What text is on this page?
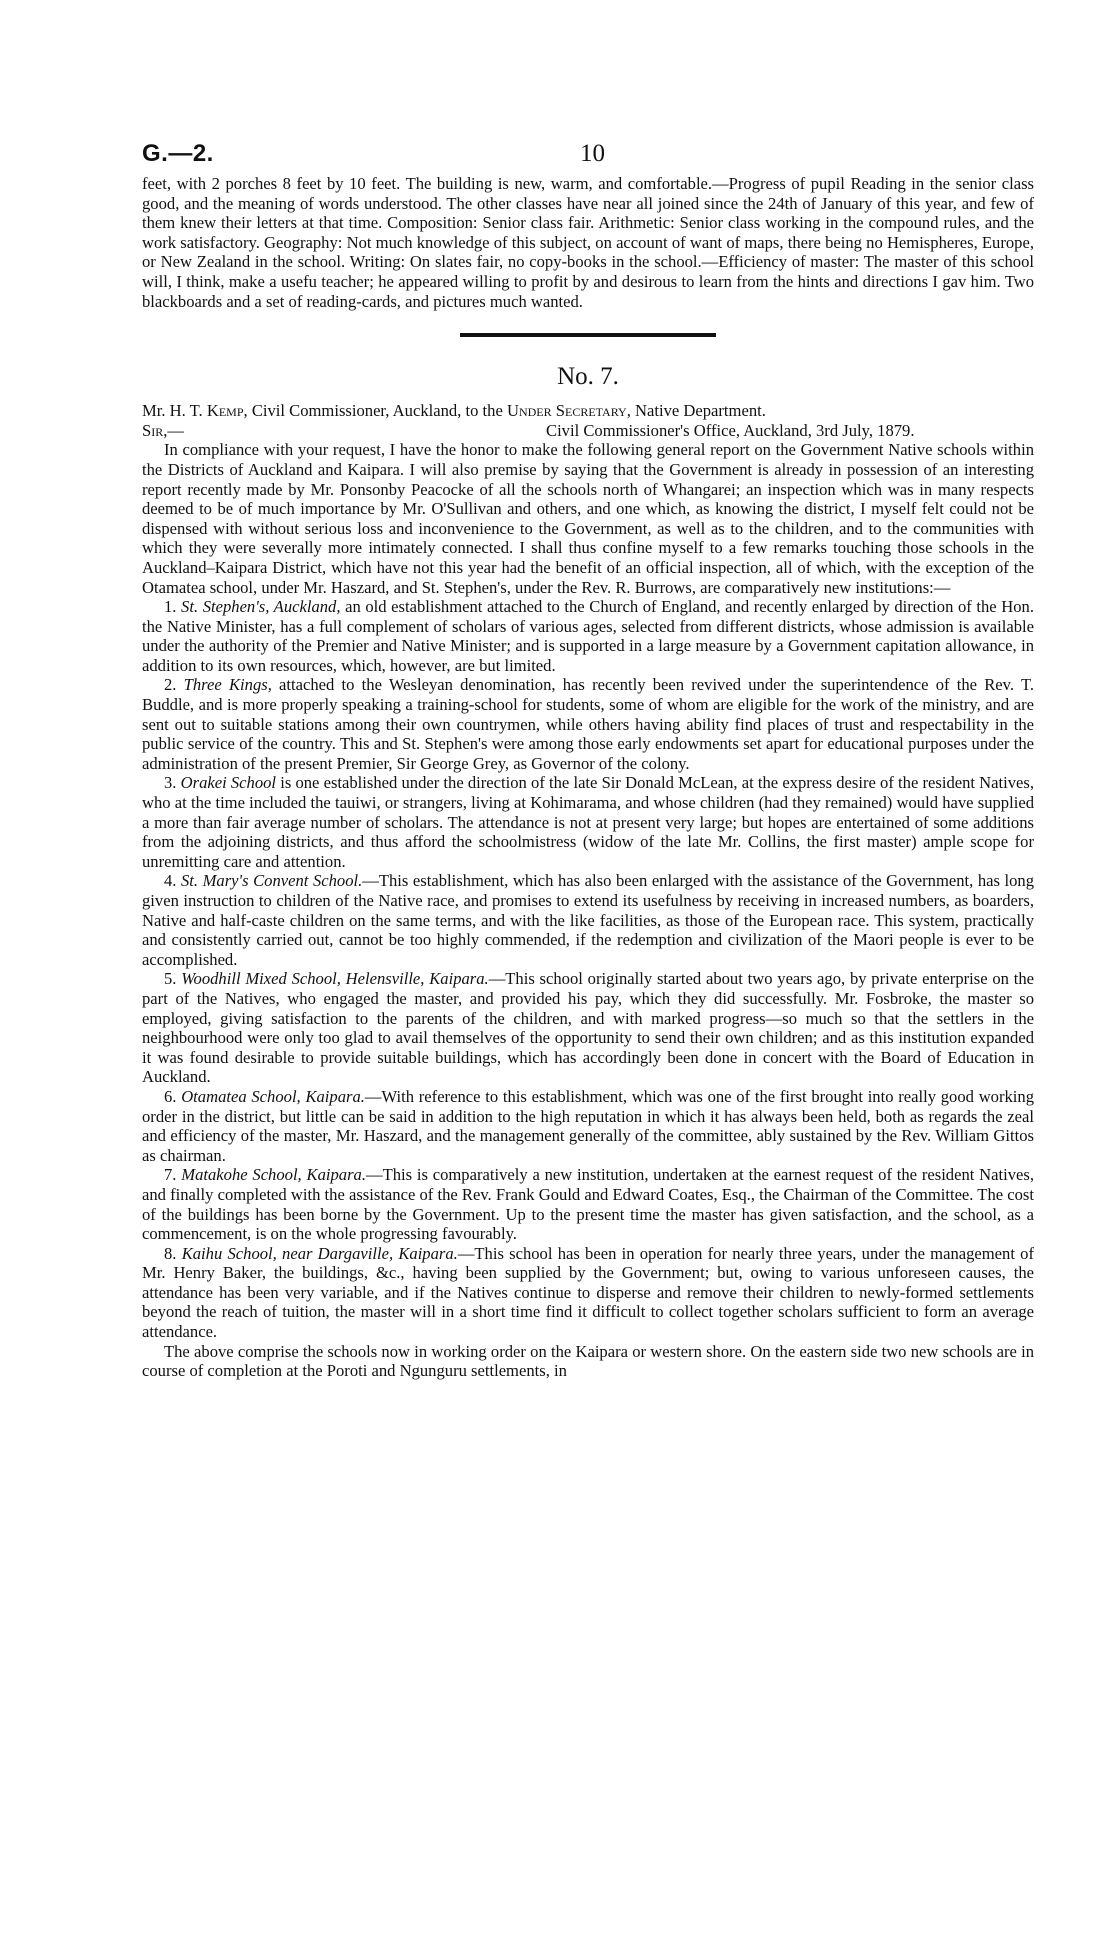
G.—2.	10

feet, with 2 porches 8 feet by 10 feet. The building is new, warm, and comfortable.—Progress of pupil Reading in the senior class good, and the meaning of words understood. The other classes have near all joined since the 24th of January of this year, and few of them knew their letters at that time. Composition: Senior class fair. Arithmetic: Senior class working in the compound rules, and the work satisfactory. Geography: Not much knowledge of this subject, on account of want of maps, there being no Hemispheres, Europe, or New Zealand in the school. Writing: On slates fair, no copy-books in the school.—Efficiency of master: The master of this school will, I think, make a usefu teacher; he appeared willing to profit by and desirous to learn from the hints and directions I gav him. Two blackboards and a set of reading-cards, and pictures much wanted.

No. 7.

Mr. H. T. Kemp, Civil Commissioner, Auckland, to the Under Secretary, Native Department.

Sir,—	Civil Commissioner's Office, Auckland, 3rd July, 1879.

In compliance with your request, I have the honor to make the following general report on the Government Native schools within the Districts of Auckland and Kaipara. I will also premise by saying that the Government is already in possession of an interesting report recently made by Mr. Ponsonby Peacocke of all the schools north of Whangarei; an inspection which was in many respects deemed to be of much importance by Mr. O'Sullivan and others, and one which, as knowing the district, I myself felt could not be dispensed with without serious loss and inconvenience to the Government, as well as to the children, and to the communities with which they were severally more intimately connected. I shall thus confine myself to a few remarks touching those schools in the Auckland–Kaipara District, which have not this year had the benefit of an official inspection, all of which, with the exception of the Otamatea school, under Mr. Haszard, and St. Stephen's, under the Rev. R. Burrows, are comparatively new institutions:—

1. St. Stephen's, Auckland, an old establishment attached to the Church of England, and recently enlarged by direction of the Hon. the Native Minister, has a full complement of scholars of various ages, selected from different districts, whose admission is available under the authority of the Premier and Native Minister; and is supported in a large measure by a Government capitation allowance, in addition to its own resources, which, however, are but limited.

2. Three Kings, attached to the Wesleyan denomination, has recently been revived under the superintendence of the Rev. T. Buddle, and is more properly speaking a training-school for students, some of whom are eligible for the work of the ministry, and are sent out to suitable stations among their own countrymen, while others having ability find places of trust and respectability in the public service of the country. This and St. Stephen's were among those early endowments set apart for educational purposes under the administration of the present Premier, Sir George Grey, as Governor of the colony.

3. Orakei School is one established under the direction of the late Sir Donald McLean, at the express desire of the resident Natives, who at the time included the tauiwi, or strangers, living at Kohimarama, and whose children (had they remained) would have supplied a more than fair average number of scholars. The attendance is not at present very large; but hopes are entertained of some additions from the adjoining districts, and thus afford the schoolmistress (widow of the late Mr. Collins, the first master) ample scope for unremitting care and attention.

4. St. Mary's Convent School.—This establishment, which has also been enlarged with the assistance of the Government, has long given instruction to children of the Native race, and promises to extend its usefulness by receiving in increased numbers, as boarders, Native and half-caste children on the same terms, and with the like facilities, as those of the European race. This system, practically and consistently carried out, cannot be too highly commended, if the redemption and civilization of the Maori people is ever to be accomplished.

5. Woodhill Mixed School, Helensville, Kaipara.—This school originally started about two years ago, by private enterprise on the part of the Natives, who engaged the master, and provided his pay, which they did successfully. Mr. Fosbroke, the master so employed, giving satisfaction to the parents of the children, and with marked progress—so much so that the settlers in the neighbourhood were only too glad to avail themselves of the opportunity to send their own children; and as this institution expanded it was found desirable to provide suitable buildings, which has accordingly been done in concert with the Board of Education in Auckland.

6. Otamatea School, Kaipara.—With reference to this establishment, which was one of the first brought into really good working order in the district, but little can be said in addition to the high reputation in which it has always been held, both as regards the zeal and efficiency of the master, Mr. Haszard, and the management generally of the committee, ably sustained by the Rev. William Gittos as chairman.

7. Matakohe School, Kaipara.—This is comparatively a new institution, undertaken at the earnest request of the resident Natives, and finally completed with the assistance of the Rev. Frank Gould and Edward Coates, Esq., the Chairman of the Committee. The cost of the buildings has been borne by the Government. Up to the present time the master has given satisfaction, and the school, as a commencement, is on the whole progressing favourably.

8. Kaihu School, near Dargaville, Kaipara.—This school has been in operation for nearly three years, under the management of Mr. Henry Baker, the buildings, &c., having been supplied by the Government; but, owing to various unforeseen causes, the attendance has been very variable, and if the Natives continue to disperse and remove their children to newly-formed settlements beyond the reach of tuition, the master will in a short time find it difficult to collect together scholars sufficient to form an average attendance.

The above comprise the schools now in working order on the Kaipara or western shore. On the eastern side two new schools are in course of completion at the Poroti and Ngunguru settlements, in
